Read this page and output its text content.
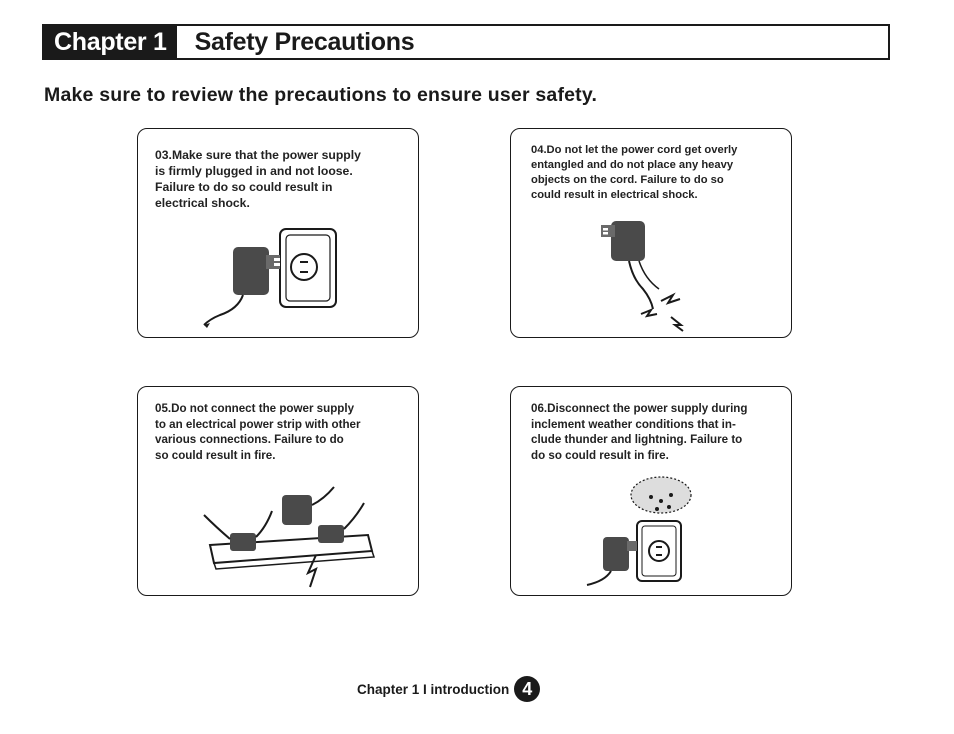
Chapter 1	Safety Precautions
Make sure to review the precautions to ensure user safety.
03.Make sure that the power supply
is firmly plugged in and not loose.
Failure to do so could result in
electrical shock.
04.Do not let the power cord get overly
entangled and do not place any heavy
objects on the cord. Failure to do so
could result in electrical shock.
05.Do not connect the power supply
to an electrical power strip with other
various connections. Failure to do
so could result in fire.
06.Disconnect the power supply during
inclement weather conditions that in-
clude thunder and lightning. Failure to
do so could result in fire.
Chapter 1 I introduction 4
